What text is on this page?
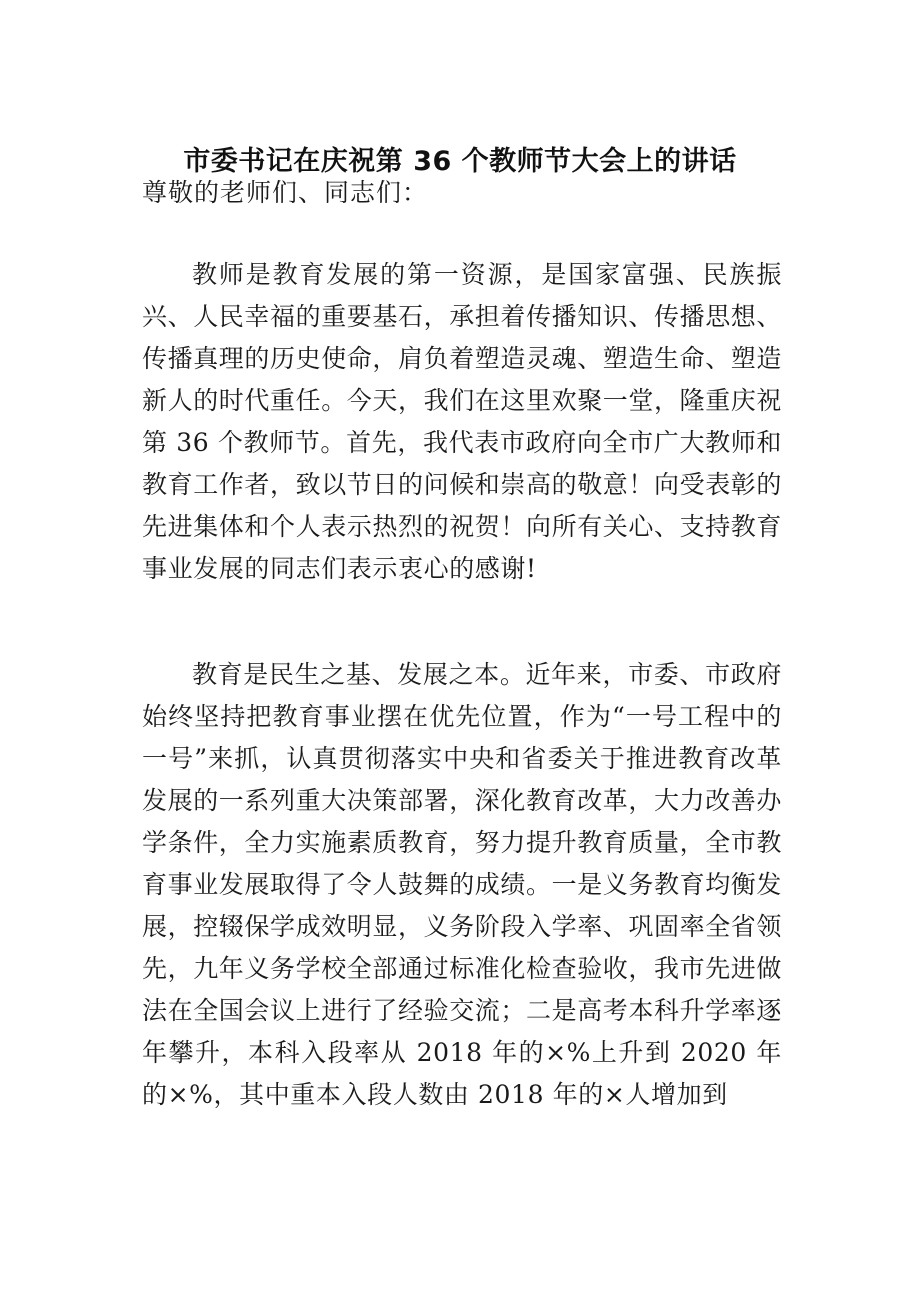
市委书记在庆祝第 36 个教师节大会上的讲话
尊敬的老师们、同志们：

教师是教育发展的第一资源，是国家富强、民族振兴、人民幸福的重要基石，承担着传播知识、传播思想、传播真理的历史使命，肩负着塑造灵魂、塑造生命、塑造新人的时代重任。今天，我们在这里欢聚一堂，隆重庆祝第 36 个教师节。首先，我代表市政府向全市广大教师和教育工作者，致以节日的问候和崇高的敬意！向受表彰的先进集体和个人表示热烈的祝贺！向所有关心、支持教育事业发展的同志们表示衷心的感谢!

教育是民生之基、发展之本。近年来，市委、市政府始终坚持把教育事业摆在优先位置，作为“一号工程中的一号”来抓，认真贯彻落实中央和省委关于推进教育改革发展的一系列重大决策部署，深化教育改革，大力改善办学条件，全力实施素质教育，努力提升教育质量，全市教育事业发展取得了令人鼓舞的成绩。一是义务教育均衡发展，控辍保学成效明显，义务阶段入学率、巩固率全省领先，九年义务学校全部通过标准化检查验收，我市先进做法在全国会议上进行了经验交流；二是高考本科升学率逐年攀升，本科入段率从 2018 年的×%上升到 2020 年的×%，其中重本入段人数由 2018 年的×人增加到
